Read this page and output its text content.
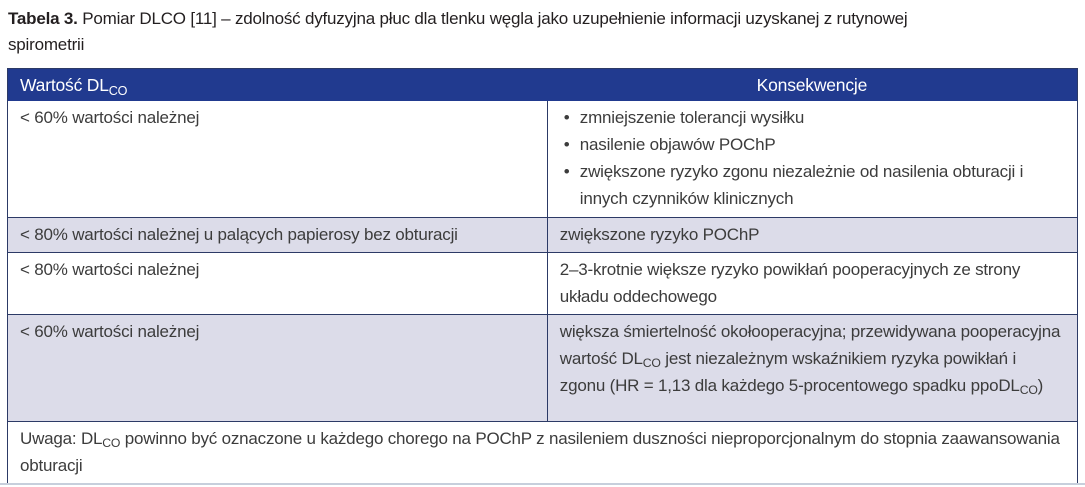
Tabela 3. Pomiar DLCO [11] – zdolność dyfuzyjna płuc dla tlenku węgla jako uzupełnienie informacji uzyskanej z rutynowej spirometrii

Wartość $DL_{CO}$	Konsekwencje
< 60% wartości należnej	• zmniejszenie tolerancji wysiłku
• nasilenie objawów POChP
• zwiększone ryzyko zgonu niezależnie od nasilenia obturacji i innych czynników klinicznych

< 80% wartości należnej u palących papierosy bez obturacji	zwiększone ryzyko POChP
< 80% wartości należnej	2–3-krotnie większe ryzyko powikłań pooperacyjnych ze strony układu oddechowego
< 60% wartości należnej	większa śmiertelność okołooperacyjna; przewidywana pooperacyjna wartość $DL_{CO}$ jest niezależnym wskaźnikiem ryzyka powikłań i zgonu (HR = 1,13 dla każdego 5-procentowego spadku ppoDL$_{CO}$)
Uwaga: $DL_{CO}$ powinno być oznaczone u każdego chorego na POChP z nasileniem duszności nieproporcjonalnym do stopnia zaawansowania obturacji	
